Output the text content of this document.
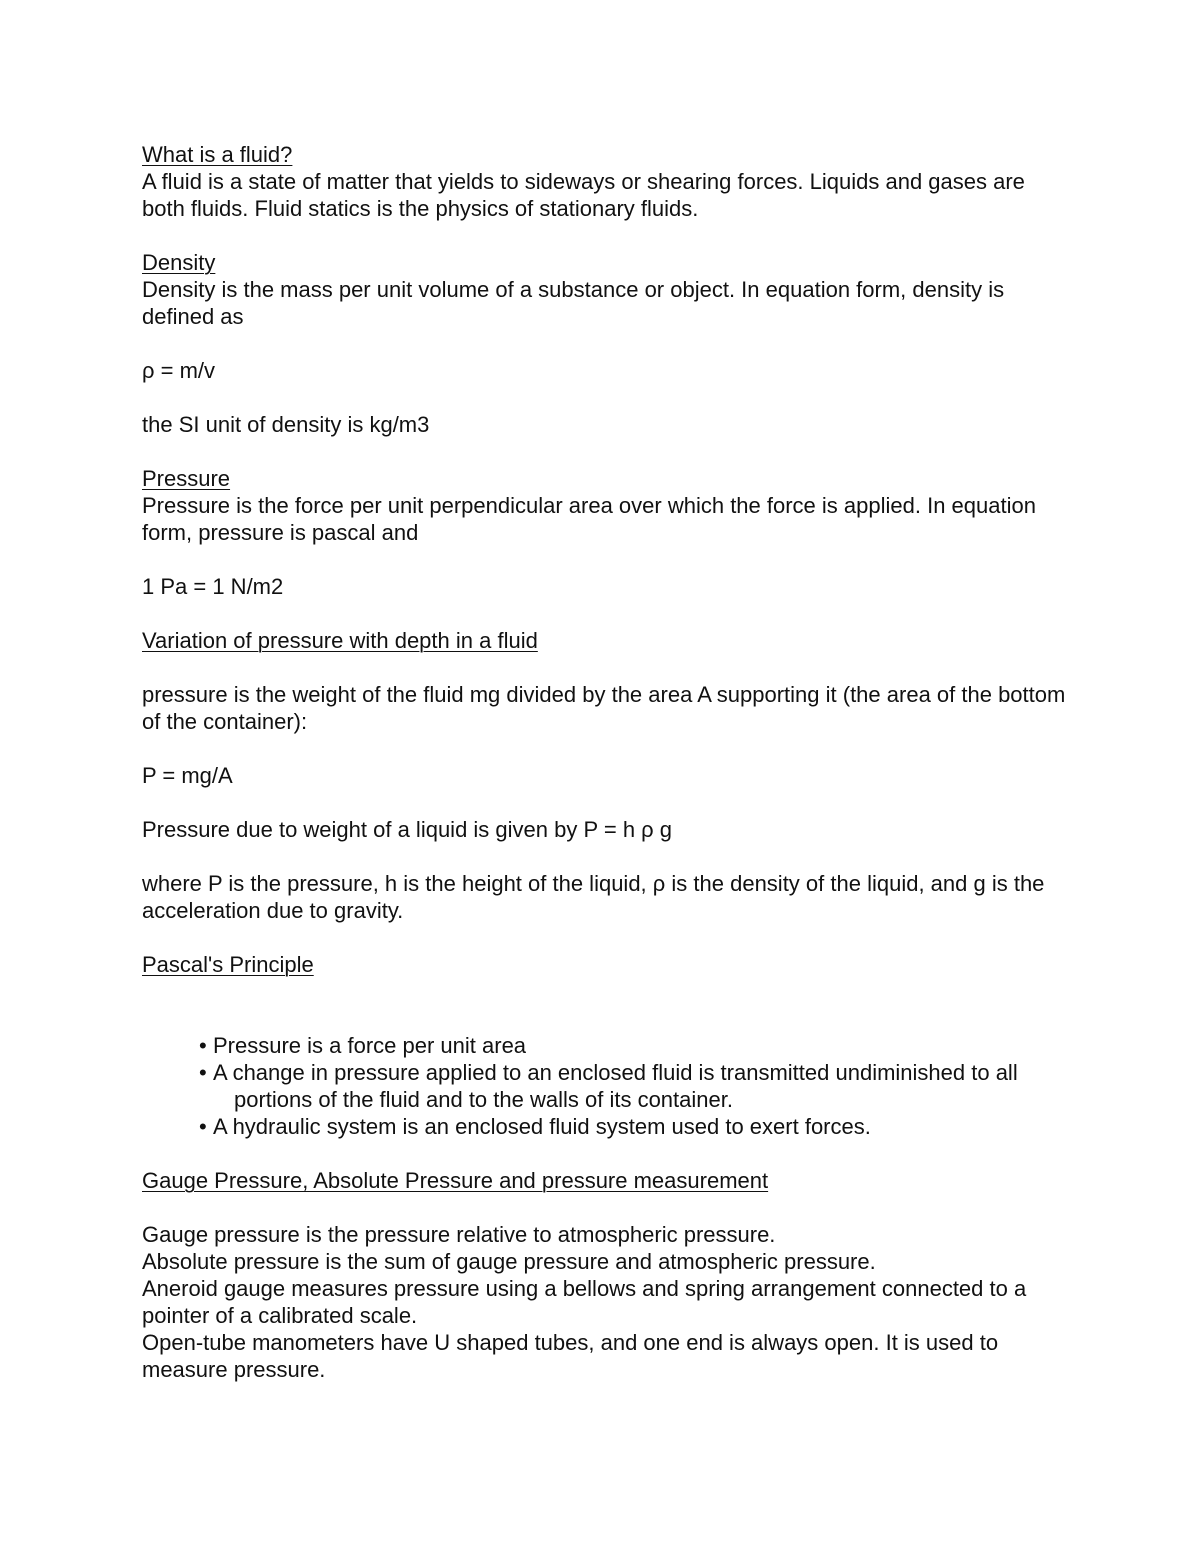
What is a fluid?

A fluid is a state of matter that yields to sideways or shearing forces. Liquids and gases are both fluids. Fluid statics is the physics of stationary fluids.

Density

Density is the mass per unit volume of a substance or object. In equation form, density is defined as

ρ = m/v

the SI unit of density is kg/m3

Pressure

Pressure is the force per unit perpendicular area over which the force is applied. In equation form, pressure is pascal and

1 Pa = 1 N/m2

Variation of pressure with depth in a fluid

pressure is the weight of the fluid mg divided by the area A supporting it (the area of the bottom of the container):

P = mg/A

Pressure due to weight of a liquid is given by P = h ρ g

where P is the pressure, h is the height of the liquid, ρ is the density of the liquid, and g is the acceleration due to gravity.

Pascal's Principle

• Pressure is a force per unit area
• A change in pressure applied to an enclosed fluid is transmitted undiminished to all portions of the fluid and to the walls of its container.
• A hydraulic system is an enclosed fluid system used to exert forces.

Gauge Pressure, Absolute Pressure and pressure measurement

Gauge pressure is the pressure relative to atmospheric pressure.

Absolute pressure is the sum of gauge pressure and atmospheric pressure.

Aneroid gauge measures pressure using a bellows and spring arrangement connected to a pointer of a calibrated scale.

Open-tube manometers have U shaped tubes, and one end is always open. It is used to measure pressure.
